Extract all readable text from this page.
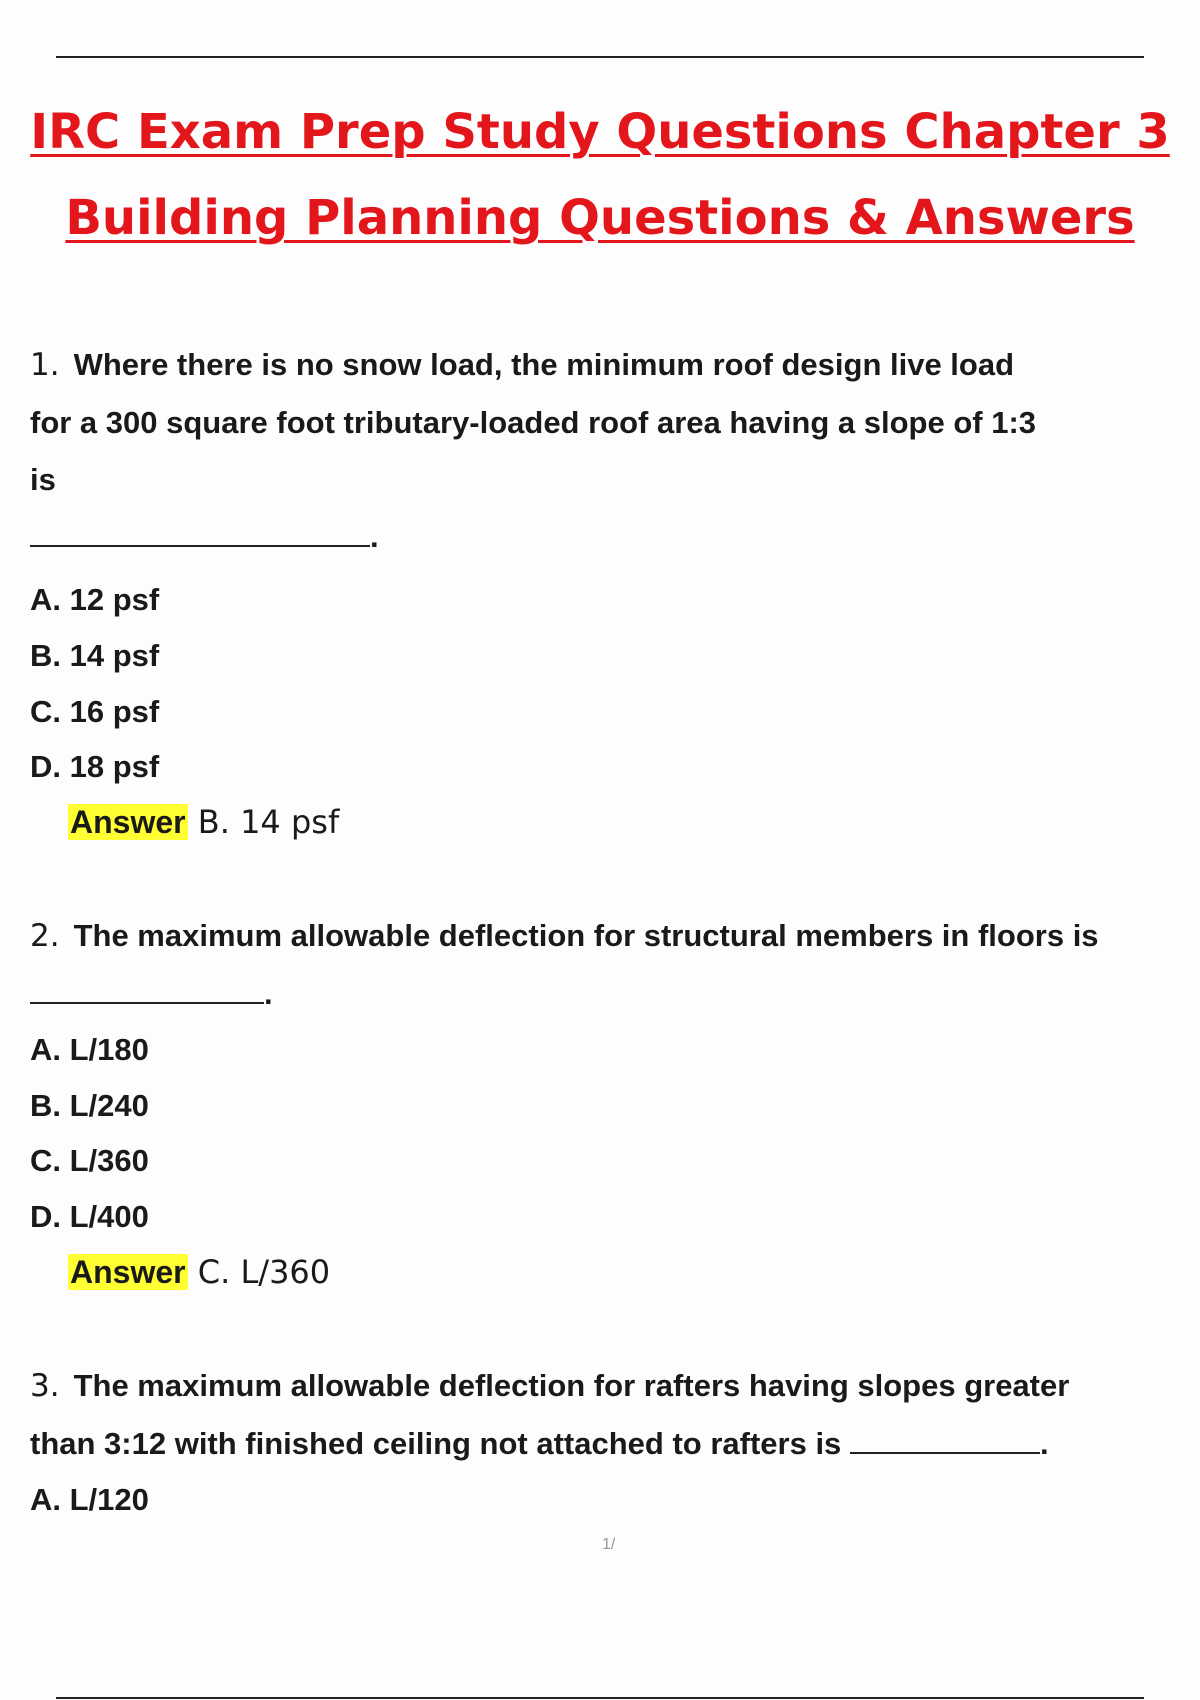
IRC Exam Prep Study Questions Chapter 3
Building Planning Questions & Answers
1. Where there is no snow load, the minimum roof design live load
for a 300 square foot tributary-loaded roof area having a slope of 1:3
is
.
A. 12 psf
B. 14 psf
C. 16 psf
D. 18 psf
Answer B. 14 psf
2. The maximum allowable deflection for structural members in floors is
.
A. L/180
B. L/240
C. L/360
D. L/400
Answer C. L/360
3. The maximum allowable deflection for rafters having slopes greater
than 3:12 with finished ceiling not attached to rafters is	.
A. L/120
1/
